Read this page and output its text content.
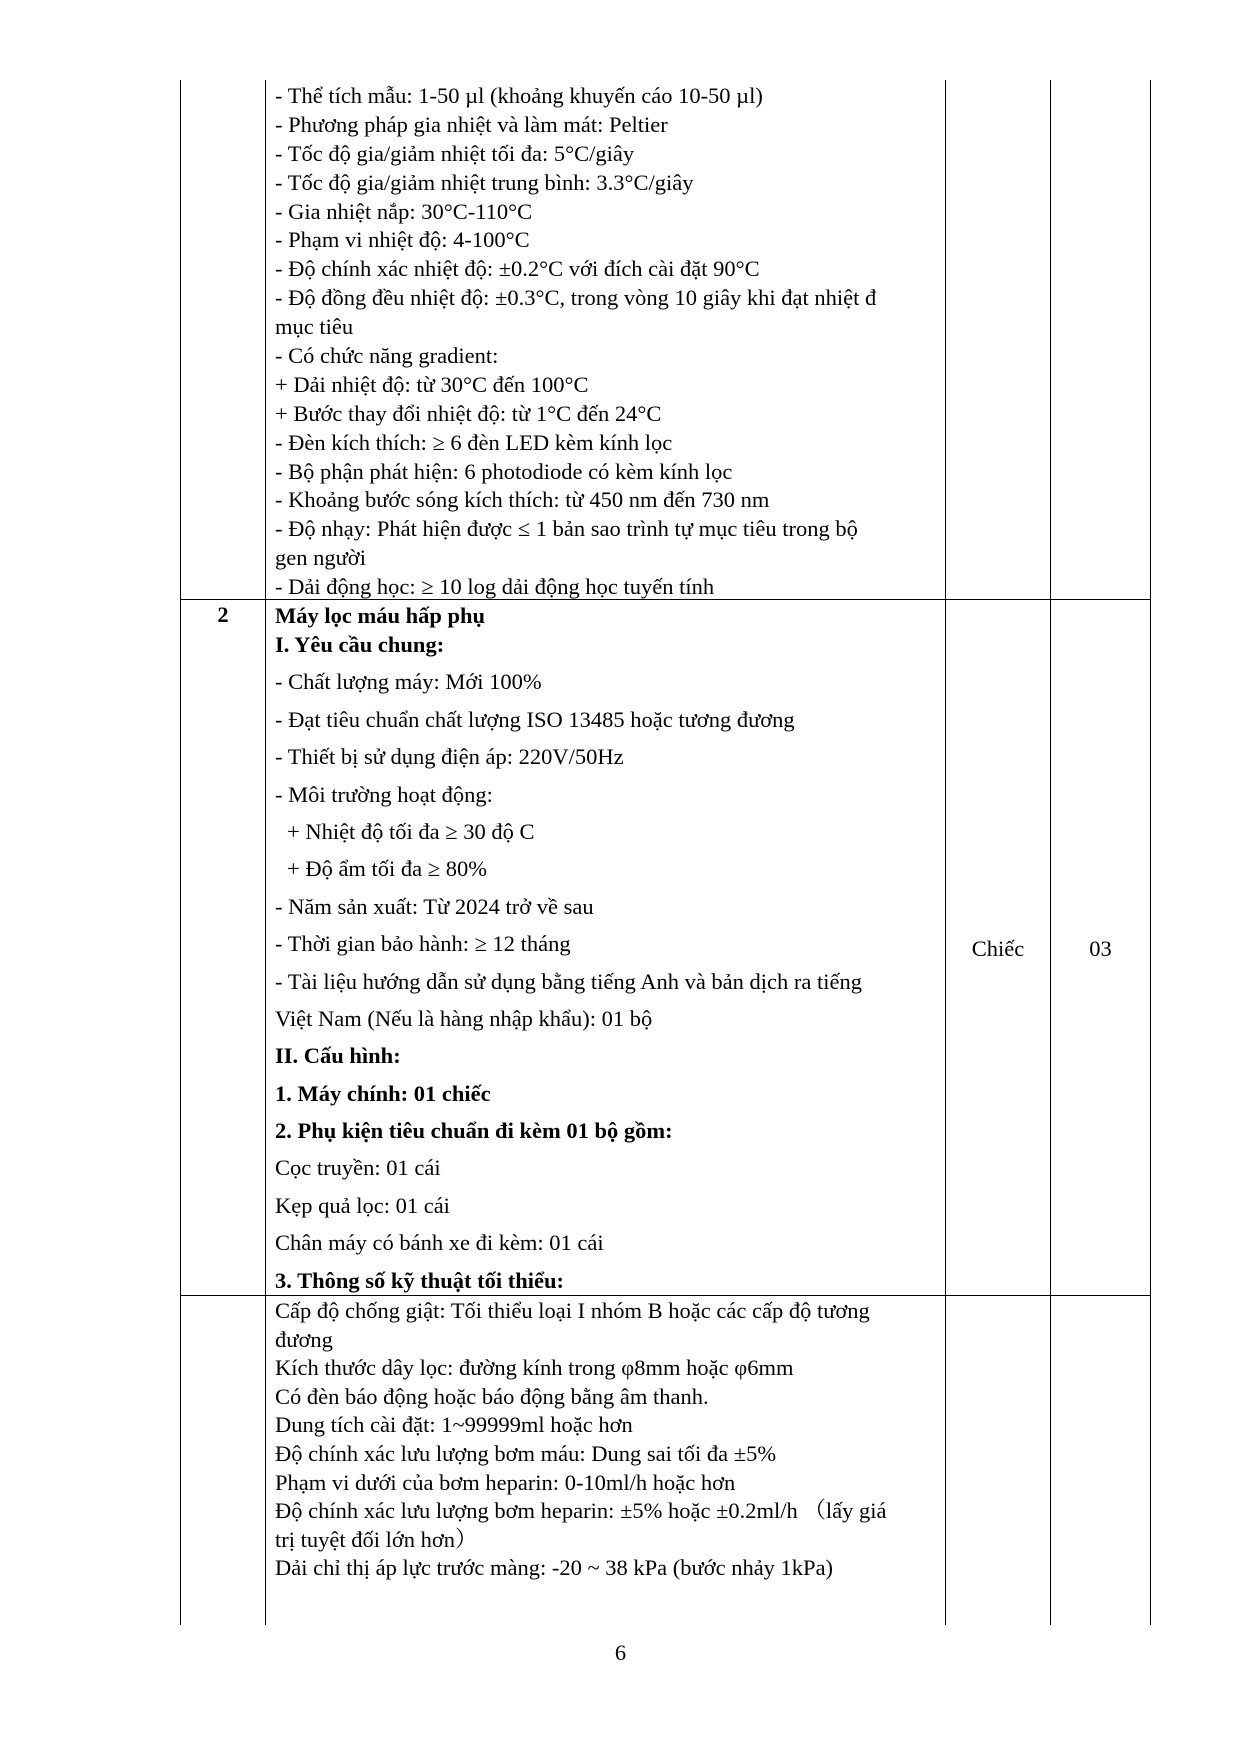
- Thể tích mẫu: 1-50 µl (khoảng khuyến cáo 10-50 µl)
- Phương pháp gia nhiệt và làm mát: Peltier
- Tốc độ gia/giảm nhiệt tối đa: 5°C/giây
- Tốc độ gia/giảm nhiệt trung bình: 3.3°C/giây
- Gia nhiệt nắp: 30°C-110°C
- Phạm vi nhiệt độ: 4-100°C
- Độ chính xác nhiệt độ: ±0.2°C với đích cài đặt 90°C
- Độ đồng đều nhiệt độ: ±0.3°C, trong vòng 10 giây khi đạt nhiệt đ
mục tiêu
- Có chức năng gradient:
+ Dải nhiệt độ: từ 30°C đến 100°C
+ Bước thay đổi nhiệt độ: từ 1°C đến 24°C
- Đèn kích thích: ≥ 6 đèn LED kèm kính lọc
- Bộ phận phát hiện: 6 photodiode có kèm kính lọc
- Khoảng bước sóng kích thích: từ 450 nm đến 730 nm
- Độ nhạy: Phát hiện được ≤ 1 bản sao trình tự mục tiêu trong bộ
gen người
- Dải động học: ≥ 10 log dải động học tuyến tính
2	Máy lọc máu hấp phụ
I. Yêu cầu chung:
- Chất lượng máy: Mới 100%
- Đạt tiêu chuẩn chất lượng ISO 13485 hoặc tương đương
- Thiết bị sử dụng điện áp: 220V/50Hz
- Môi trường hoạt động:
+ Nhiệt độ tối đa ≥ 30 độ C
+ Độ ẩm tối đa ≥ 80%
- Năm sản xuất: Từ 2024 trở về sau
- Thời gian bảo hành: ≥ 12 tháng
- Tài liệu hướng dẫn sử dụng bằng tiếng Anh và bản dịch ra tiếng
Việt Nam (Nếu là hàng nhập khẩu): 01 bộ
II. Cấu hình:
1. Máy chính: 01 chiếc
2. Phụ kiện tiêu chuẩn đi kèm 01 bộ gồm:
Cọc truyền: 01 cái
Kẹp quả lọc: 01 cái
Chân máy có bánh xe đi kèm: 01 cái
3. Thông số kỹ thuật tối thiểu:
Chiếc	03
Cấp độ chống giật: Tối thiểu loại I nhóm B hoặc các cấp độ tương
đương
Kích thước dây lọc: đường kính trong φ8mm hoặc φ6mm
Có đèn báo động hoặc báo động bằng âm thanh.
Dung tích cài đặt: 1~99999ml hoặc hơn
Độ chính xác lưu lượng bơm máu: Dung sai tối đa ±5%
Phạm vi dưới của bơm heparin: 0-10ml/h hoặc hơn
Độ chính xác lưu lượng bơm heparin: ±5% hoặc ±0.2ml/h （lấy giá
trị tuyệt đối lớn hơn）
Dải chỉ thị áp lực trước màng: -20 ~ 38 kPa (bước nhảy 1kPa)
6
